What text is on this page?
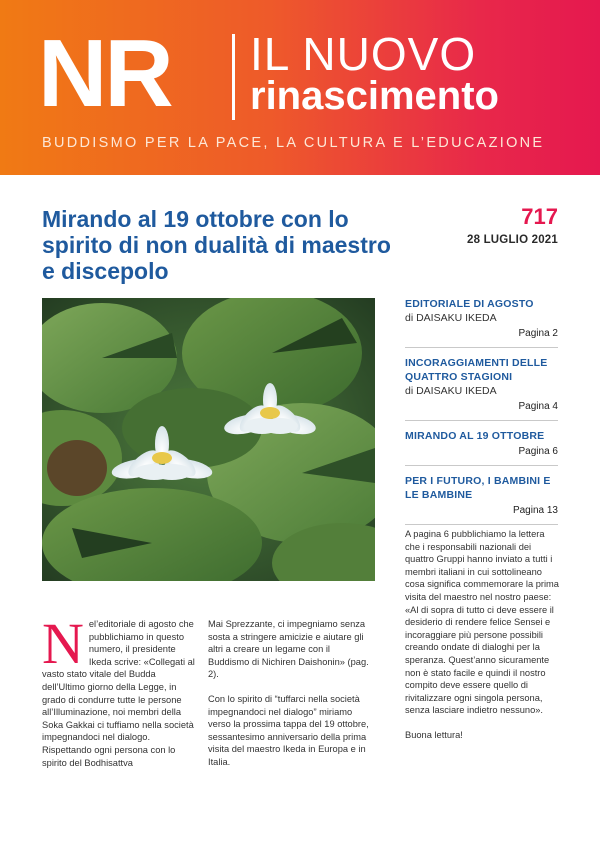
NR IL NUOVO
rinascimento
BUDDISMO PER LA PACE, LA CULTURA E L’EDUCAZIONE
Mirando al 19 ottobre con lo spirito di non dualità di maestro e discepolo
717
28 LUGLIO 2021
EDITORIALE DI AGOSTO
di DAISAKU IKEDA
Pagina 2
INCORAGGIAMENTI DELLE QUATTRO STAGIONI
di DAISAKU IKEDA
Pagina 4
MIRANDO AL 19 OTTOBRE
Pagina 6
PER I FUTURO, I BAMBINI E LE BAMBINE
Pagina 13

A pagina 6 pubblichiamo la lettera che i responsabili nazionali dei quattro Gruppi hanno inviato a tutti i membri italiani in cui sottolineano cosa significa commemorare la prima visita del maestro nel nostro paese:

«Al di sopra di tutto ci deve essere il desiderio di rendere felice Sensei e incoraggiare più persone possibili creando ondate di dialoghi per la speranza. Quest’anno sicuramente non è stato facile e quindi il nostro compito deve essere quello di rivitalizzare ogni singola persona, senza lasciare indietro nessuno».

Buona lettura!

Nel’editoriale di agosto che pubblichiamo in questo numero, il presidente Ikeda scrive: «Collegati al vasto stato vitale del Budda dell’Ultimo giorno della Legge, in grado di condurre tutte le persone all’Illuminazione, noi membri della Soka Gakkai ci tuffiamo nella società impegnandoci nel dialogo. Rispettando ogni persona con lo spirito del Bodhisattva

Mai Sprezzante, ci impegniamo senza sosta a stringere amicizie e aiutare gli altri a creare un legame con il Buddismo di Nichiren Daishonin» (pag. 2).

Con lo spirito di “tuffarci nella società impegnandoci nel dialogo” miriamo verso la prossima tappa del 19 ottobre, sessantesimo anniversario della prima visita del maestro Ikeda in Europa e in Italia.
